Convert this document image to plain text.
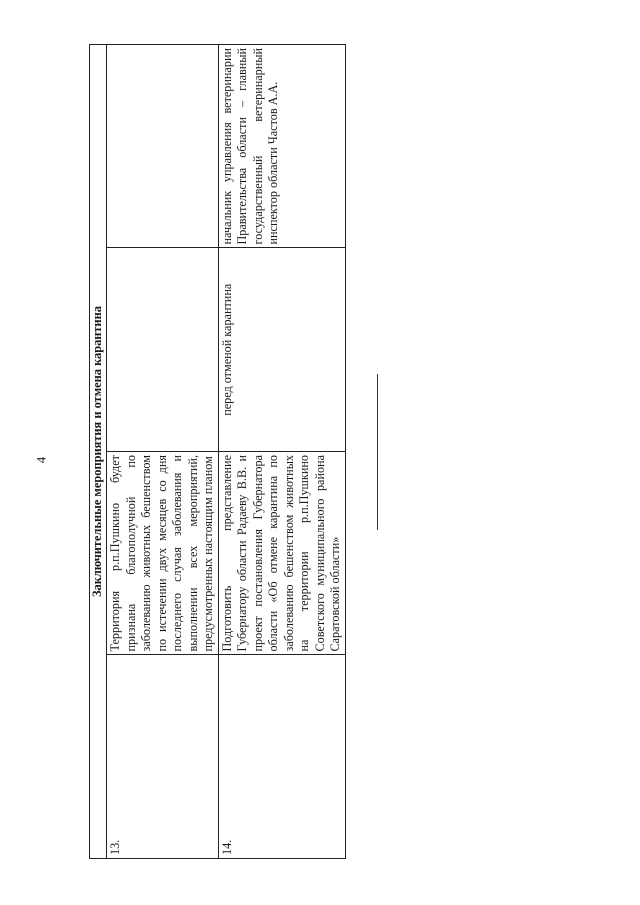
4	Заключительные мероприятия и отмена карантина			
13.	Территория р.п.Пушкино будет признана благополучной по заболеванию животных бешенством по истечении двух месяцев со дня последнего случая заболевания и выполнении всех мероприятий, предусмотренных настоящим планом		
14.	Подготовить представление Губернатору области Радаеву В.В. и проект постановления Губернатора области «Об отмене карантина по заболеванию бешенством животных на территории р.п.Пушкино Советского муниципального района Саратовской области»	перед отменой карантина	начальник управления ветеринарии Правительства области – главный государственный ветеринарный инспектор области Частов А.А.
